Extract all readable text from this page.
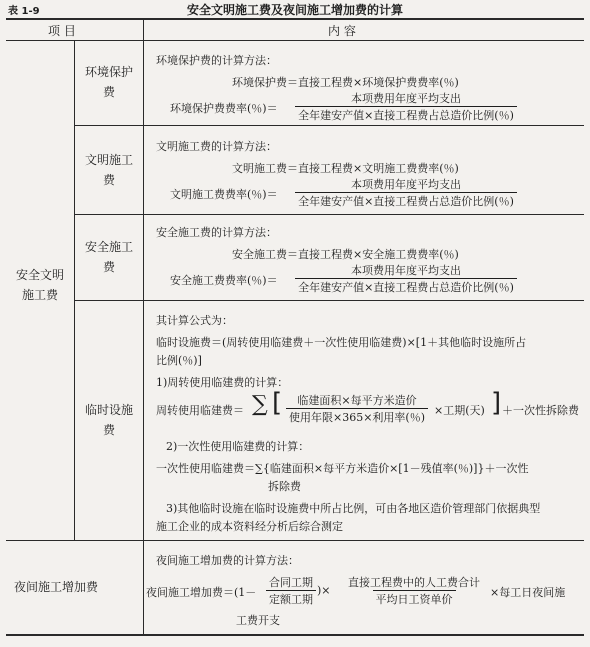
表 1-9	安全文明施工费及夜间施工增加费的计算
项 目	内 容
安全文明施工费
环境保护费
文明施工费
安全施工费
临时设施费
夜间施工增加费
环境保护费的计算方法：
环境保护费＝直接工程费×环境保护费费率(％)
环境保护费费率(％)＝
本项费用年度平均支出
全年建安产值×直接工程费占总造价比例(％)
文明施工费的计算方法：
文明施工费＝直接工程费×文明施工费费率(％)
文明施工费费率(％)＝
本项费用年度平均支出
全年建安产值×直接工程费占总造价比例(％)
安全施工费的计算方法：
安全施工费＝直接工程费×安全施工费费率(％)
安全施工费费率(％)＝
本项费用年度平均支出
全年建安产值×直接工程费占总造价比例(％)
其计算公式为：
临时设施费＝(周转使用临建费＋一次性使用临建费)×[1＋其他临时设施所占
比例(％)]
1)周转使用临建费的计算：
周转使用临建费＝ ∑ [ 临建面积×每平方米造价
使用年限×365×利用率(％)
×工期(天) ] ＋一次性拆除费
2)一次性使用临建费的计算：
一次性使用临建费＝∑{临建面积×每平方米造价×[1－残值率(％)]}＋一次性
拆除费
3)其他临时设施在临时设施费中所占比例，可由各地区造价管理部门依据典型
施工企业的成本资料经分析后综合测定
夜间施工增加费的计算方法：
夜间施工增加费＝(1－
合同工期
定额工期
)×
直接工程费中的人工费合计
平均日工资单价
×每工日夜间施
工费开支
